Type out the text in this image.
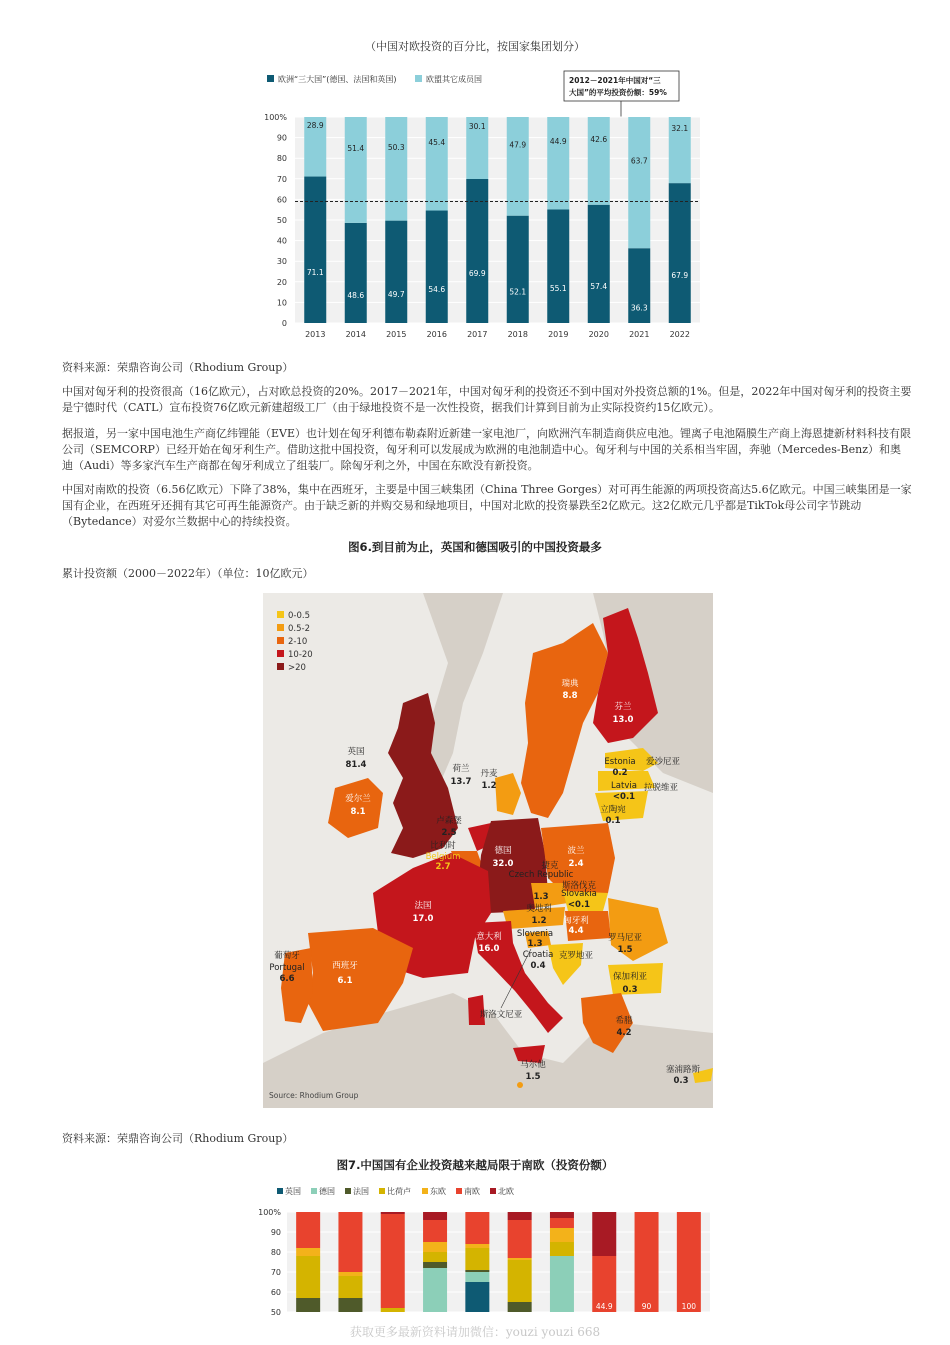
（中国对欧投资的百分比，按国家集团划分）
欧洲“三大国”(德国、法国和英国)	欧盟其它成员国	2012－2021年中国对“三
大国”的平均投资份额：59%
100%
90
80
70
60
50
40
30
20
10
0
71.1
28.9
2013
48.6
51.4
2014
49.7
50.3
2015
54.6
45.4
2016
69.9
30.1
2017
52.1
47.9
2018
55.1
44.9
2019
57.4
42.6
2020
36.3
63.7
2021
67.9
32.1
2022
资料来源：荣鼎咨询公司（Rhodium Group）
中国对匈牙利的投资很高（16亿欧元），占对欧总投资的20%。2017－2021年，中国对匈牙利的投资还不到中国对外投资总额的1%。但是，2022年中国对匈牙利的投资主要是宁德时代（CATL）宣布投资76亿欧元新建超级工厂（由于绿地投资不是一次性投资，据我们计算到目前为止实际投资约15亿欧元）。
据报道，另一家中国电池生产商亿纬锂能（EVE）也计划在匈牙利德布勒森附近新建一家电池厂，向欧洲汽车制造商供应电池。锂离子电池隔膜生产商上海恩捷新材料科技有限公司（SEMCORP）已经开始在匈牙利生产。借助这批中国投资，匈牙利可以发展成为欧洲的电池制造中心。匈牙利与中国的关系相当牢固，奔驰（Mercedes-Benz）和奥迪（Audi）等多家汽车生产商都在匈牙利成立了组装厂。除匈牙利之外，中国在东欧没有新投资。
中国对南欧的投资（6.56亿欧元）下降了38%，集中在西班牙，主要是中国三峡集团（China Three Gorges）对可再生能源的两项投资高达5.6亿欧元。中国三峡集团是一家国有企业，在西班牙还拥有其它可再生能源资产。由于缺乏新的并购交易和绿地项目，中国对北欧的投资暴跌至2亿欧元。这2亿欧元几乎都是TikTok母公司字节跳动（Bytedance）对爱尔兰数据中心的持续投资。
图6.到目前为止，英国和德国吸引的中国投资最多
累计投资额（2000－2022年）（单位：10亿欧元）
0-0.5
0.5-2
2-10
10-20
>20
英国
81.4
爱尔兰
8.1
荷兰
13.7
卢森堡
2.5
比利时
Belgium
2.7
丹麦
1.2
瑞典
8.8
芬兰
13.0
Estonia 爱沙尼亚
0.2
Latvia 拉脱维亚
<0.1
立陶宛
0.1
德国
32.0
波兰
2.4
捷克
Czech Republic
1.3
斯洛伐克
Slovakia
<0.1
奥地利
1.2 匈牙利
4.4
法国
17.0
意大利
16.0
Slovenia
1.3
Croatia 克罗地亚
0.4
罗马尼亚
1.5
保加利亚
0.3
希腊
4.2
葡萄牙
Portugal
6.6
西班牙
6.1
斯洛文尼亚
马尔他
1.5
塞浦路斯
0.3
Source: Rhodium Group
资料来源：荣鼎咨询公司（Rhodium Group）
图7.中国国有企业投资越来越局限于南欧（投资份额）
英国 德国 法国 比荷卢 东欧 南欧 北欧
100%
90
80
70
60
50
44.9	90	100
获取更多最新资料请加微信：youzi youzi 668
